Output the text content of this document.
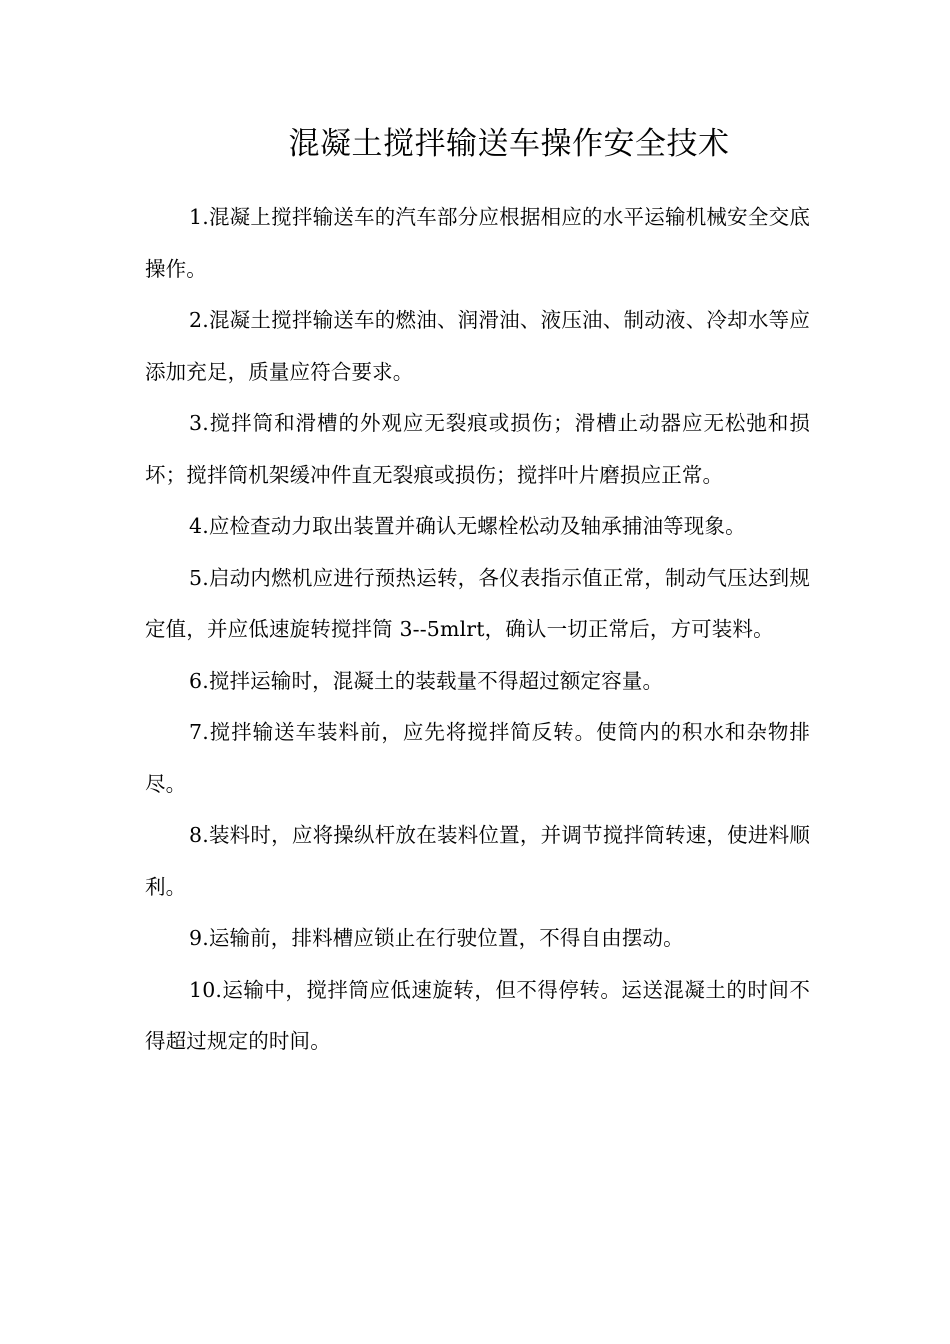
混凝土搅拌输送车操作安全技术

1.混凝上搅拌输送车的汽车部分应根据相应的水平运输机械安全交底操作。

2.混凝土搅拌输送车的燃油、润滑油、液压油、制动液、冷却水等应添加充足，质量应符合要求。

3.搅拌筒和滑槽的外观应无裂痕或损伤；滑槽止动器应无松弛和损坏；搅拌筒机架缓冲件直无裂痕或损伤；搅拌叶片磨损应正常。

4.应检查动力取出装置并确认无螺栓松动及轴承捕油等现象。

5.启动内燃机应进行预热运转，各仪表指示值正常，制动气压达到规定值，并应低速旋转搅拌筒 3--5mlrt，确认一切正常后，方可装料。

6.搅拌运输时，混凝土的装载量不得超过额定容量。

7.搅拌输送车装料前，应先将搅拌简反转。使筒内的积水和杂物排尽。

8.装料时，应将操纵杆放在装料位置，并调节搅拌筒转速，使进料顺利。

9.运输前，排料槽应锁止在行驶位置，不得自由摆动。

10.运输中，搅拌筒应低速旋转，但不得停转。运送混凝土的时间不得超过规定的时间。
